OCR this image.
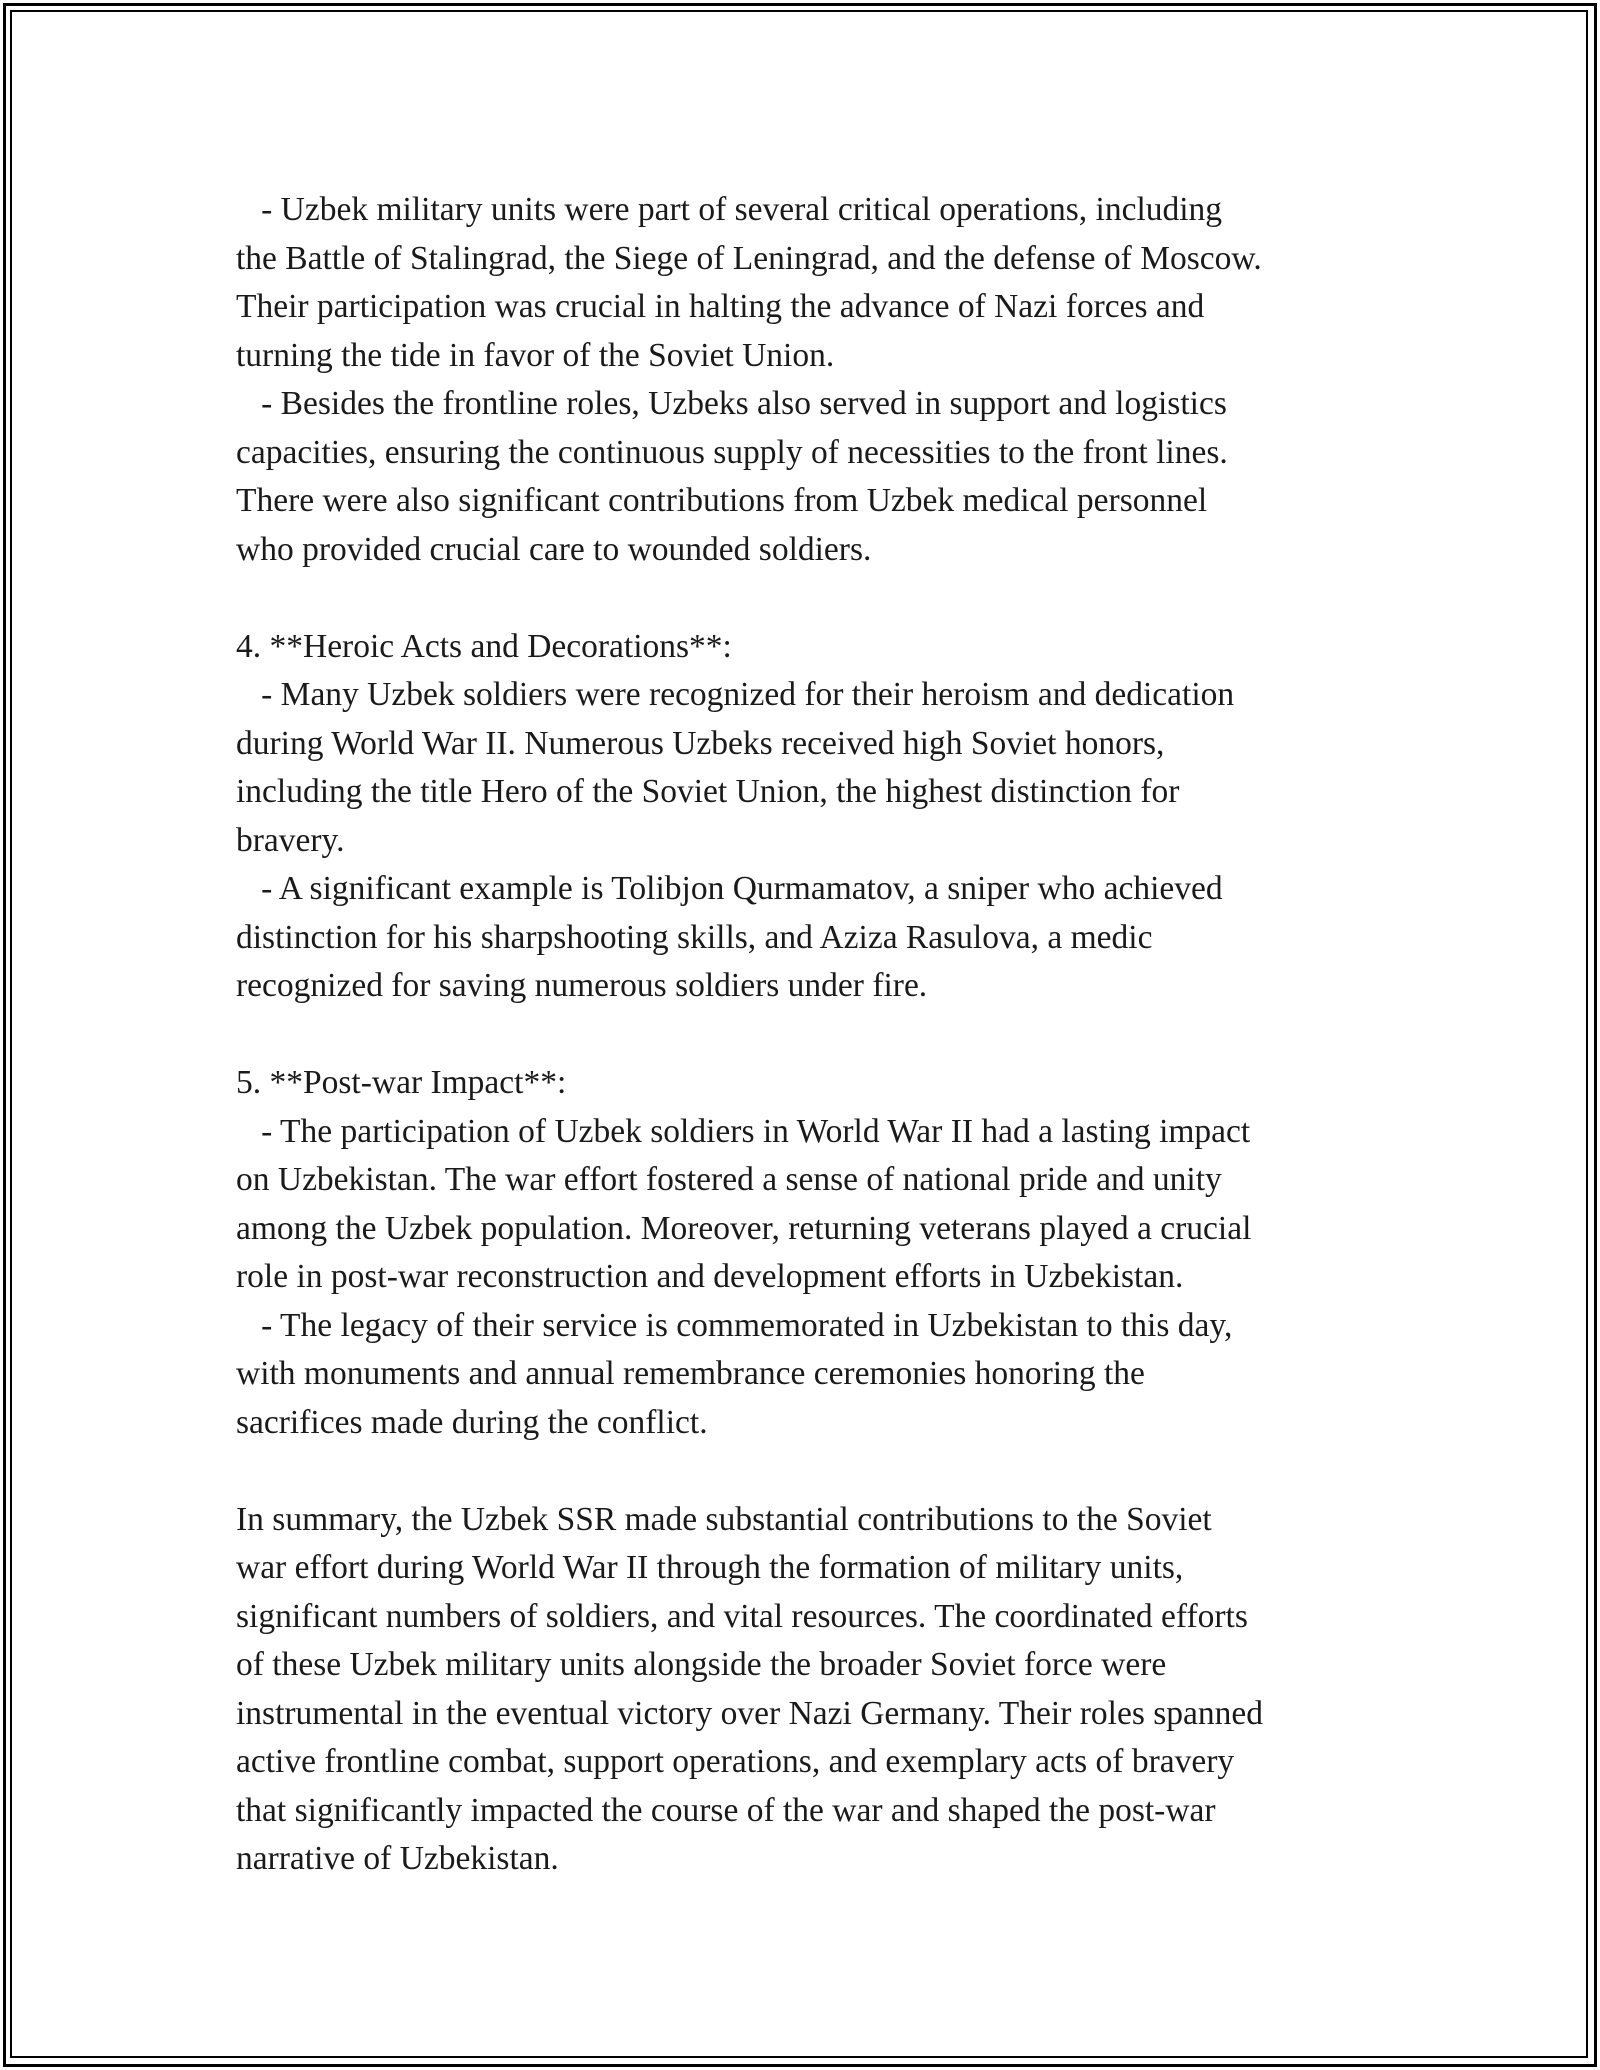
- Uzbek military units were part of several critical operations, including
the Battle of Stalingrad, the Siege of Leningrad, and the defense of Moscow.
Their participation was crucial in halting the advance of Nazi forces and
turning the tide in favor of the Soviet Union.
- Besides the frontline roles, Uzbeks also served in support and logistics
capacities, ensuring the continuous supply of necessities to the front lines.
There were also significant contributions from Uzbek medical personnel
who provided crucial care to wounded soldiers.
4. **Heroic Acts and Decorations**:
- Many Uzbek soldiers were recognized for their heroism and dedication
during World War II. Numerous Uzbeks received high Soviet honors,
including the title Hero of the Soviet Union, the highest distinction for
bravery.
- A significant example is Tolibjon Qurmamatov, a sniper who achieved
distinction for his sharpshooting skills, and Aziza Rasulova, a medic
recognized for saving numerous soldiers under fire.
5. **Post-war Impact**:
- The participation of Uzbek soldiers in World War II had a lasting impact
on Uzbekistan. The war effort fostered a sense of national pride and unity
among the Uzbek population. Moreover, returning veterans played a crucial
role in post-war reconstruction and development efforts in Uzbekistan.
- The legacy of their service is commemorated in Uzbekistan to this day,
with monuments and annual remembrance ceremonies honoring the
sacrifices made during the conflict.
In summary, the Uzbek SSR made substantial contributions to the Soviet
war effort during World War II through the formation of military units,
significant numbers of soldiers, and vital resources. The coordinated efforts
of these Uzbek military units alongside the broader Soviet force were
instrumental in the eventual victory over Nazi Germany. Their roles spanned
active frontline combat, support operations, and exemplary acts of bravery
that significantly impacted the course of the war and shaped the post-war
narrative of Uzbekistan.
